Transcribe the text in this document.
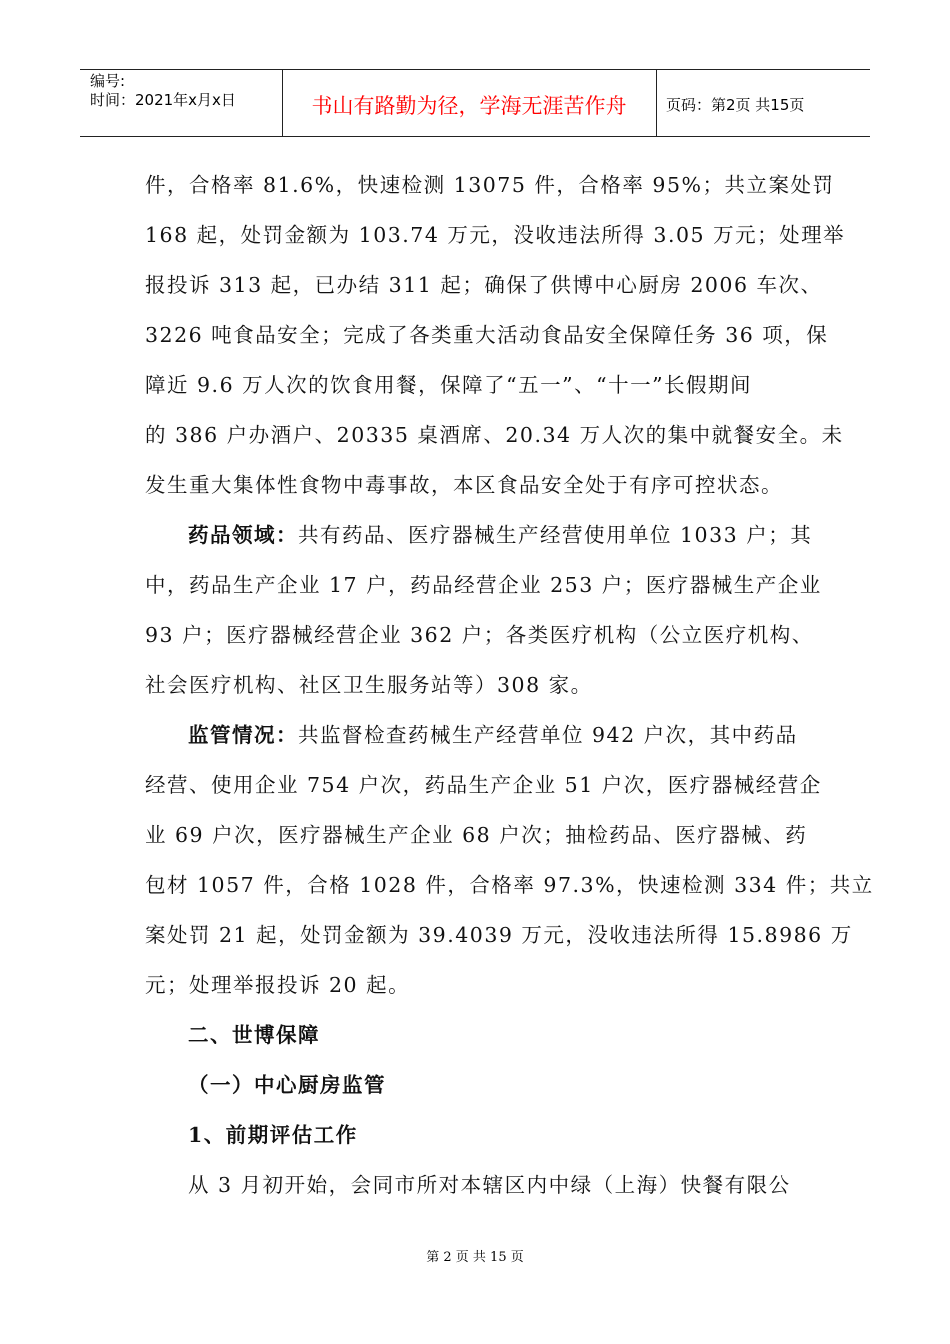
编号:
时间：2021年x月x日	书山有路勤为径，学海无涯苦作舟	页码：第2页 共15页

件，合格率 81.6%，快速检测 13075 件，合格率 95%；共立案处罚

168 起，处罚金额为 103.74 万元，没收违法所得 3.05 万元；处理举

报投诉 313 起，已办结 311 起；确保了供博中心厨房 2006 车次、

3226 吨食品安全；完成了各类重大活动食品安全保障任务 36 项，保

障近 9.6 万人次的饮食用餐，保障了“五一”、“十一”长假期间

的 386 户办酒户、20335 桌酒席、20.34 万人次的集中就餐安全。未

发生重大集体性食物中毒事故，本区食品安全处于有序可控状态。

药品领域：共有药品、医疗器械生产经营使用单位 1033 户；其

中，药品生产企业 17 户，药品经营企业 253 户；医疗器械生产企业

93 户；医疗器械经营企业 362 户；各类医疗机构（公立医疗机构、

社会医疗机构、社区卫生服务站等）308 家。

监管情况：共监督检查药械生产经营单位 942 户次，其中药品

经营、使用企业 754 户次，药品生产企业 51 户次，医疗器械经营企

业 69 户次，医疗器械生产企业 68 户次；抽检药品、医疗器械、药

包材 1057 件，合格 1028 件，合格率 97.3%，快速检测 334 件；共立

案处罚 21 起，处罚金额为 39.4039 万元，没收违法所得 15.8986 万

元；处理举报投诉 20 起。

二、世博保障

（一）中心厨房监管

1、前期评估工作

从 3 月初开始，会同市所对本辖区内中绿（上海）快餐有限公

第 2 页 共 15 页
